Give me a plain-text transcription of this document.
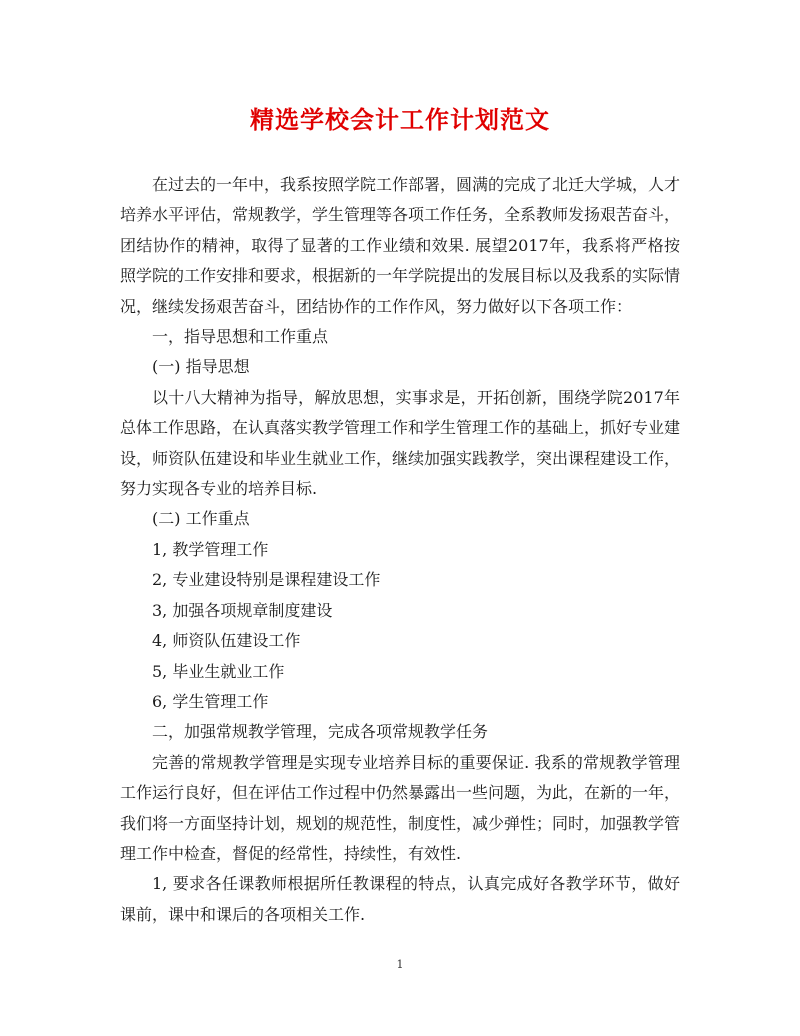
精选学校会计工作计划范文

在过去的一年中，我系按照学院工作部署，圆满的完成了北迁大学城，人才培养水平评估，常规教学，学生管理等各项工作任务，全系教师发扬艰苦奋斗，团结协作的精神，取得了显著的工作业绩和效果. 展望2017年，我系将严格按照学院的工作安排和要求，根据新的一年学院提出的发展目标以及我系的实际情况，继续发扬艰苦奋斗，团结协作的工作作风，努力做好以下各项工作：

一，指导思想和工作重点

(一) 指导思想

以十八大精神为指导，解放思想，实事求是，开拓创新，围绕学院2017年总体工作思路，在认真落实教学管理工作和学生管理工作的基础上，抓好专业建设，师资队伍建设和毕业生就业工作，继续加强实践教学，突出课程建设工作，努力实现各专业的培养目标.

(二) 工作重点

1, 教学管理工作

2, 专业建设特别是课程建设工作

3, 加强各项规章制度建设

4, 师资队伍建设工作

5, 毕业生就业工作

6, 学生管理工作

二，加强常规教学管理，完成各项常规教学任务

完善的常规教学管理是实现专业培养目标的重要保证. 我系的常规教学管理工作运行良好，但在评估工作过程中仍然暴露出一些问题，为此，在新的一年，我们将一方面坚持计划，规划的规范性，制度性，减少弹性；同时，加强教学管理工作中检查，督促的经常性，持续性，有效性.

1, 要求各任课教师根据所任教课程的特点，认真完成好各教学环节，做好课前，课中和课后的各项相关工作.

1
